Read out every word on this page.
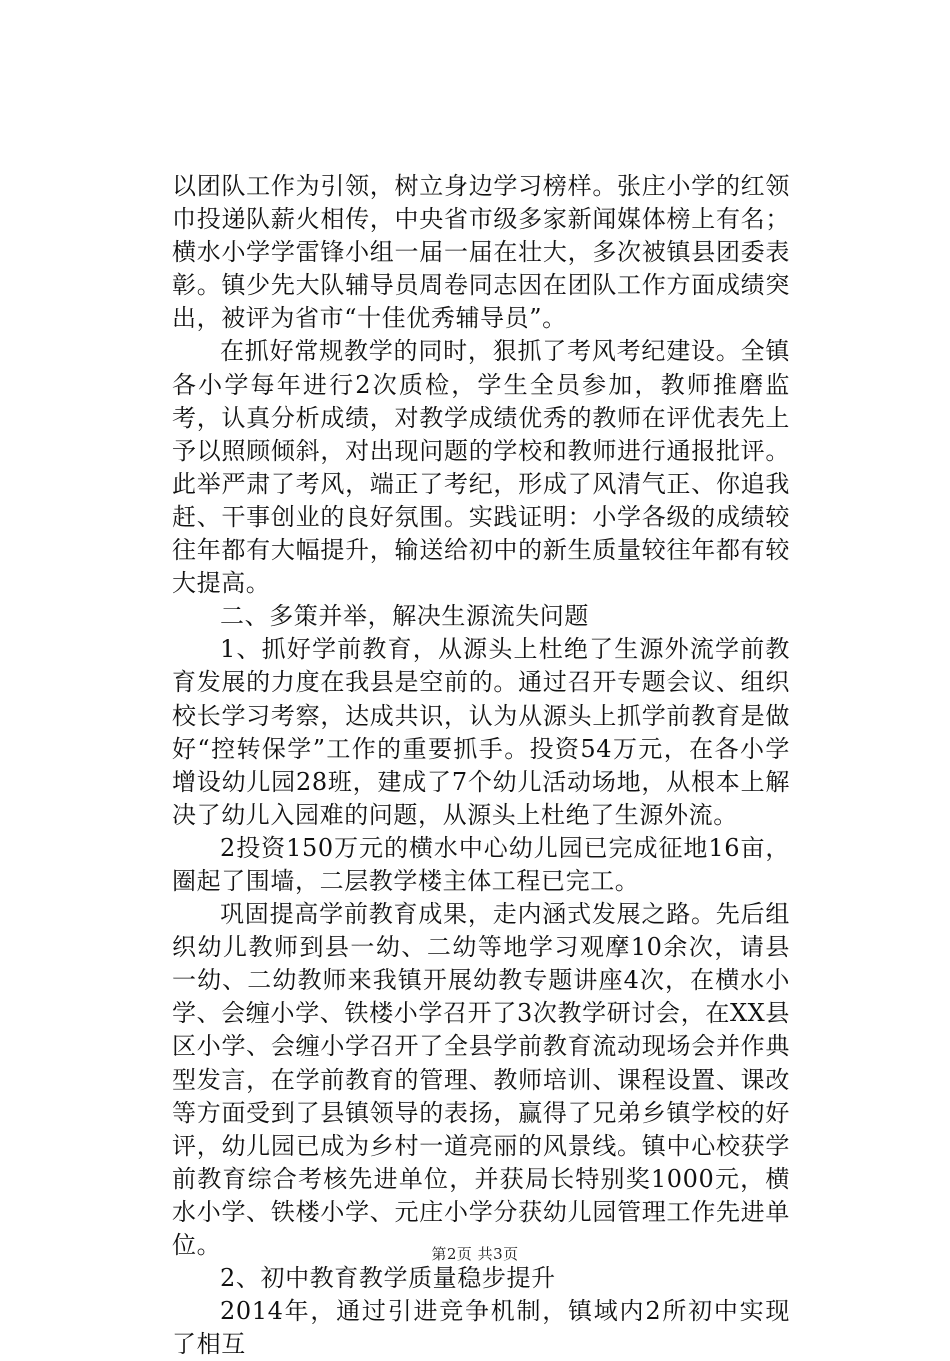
以团队工作为引领，树立身边学习榜样。张庄小学的红领巾投递队薪火相传，中央省市级多家新闻媒体榜上有名；横水小学学雷锋小组一届一届在壮大，多次被镇县团委表彰。镇少先大队辅导员周卷同志因在团队工作方面成绩突出，被评为省市“十佳优秀辅导员”。

在抓好常规教学的同时，狠抓了考风考纪建设。全镇各小学每年进行2次质检，学生全员参加，教师推磨监考，认真分析成绩，对教学成绩优秀的教师在评优表先上予以照顾倾斜，对出现问题的学校和教师进行通报批评。此举严肃了考风，端正了考纪，形成了风清气正、你追我赶、干事创业的良好氛围。实践证明：小学各级的成绩较往年都有大幅提升，输送给初中的新生质量较往年都有较大提高。

二、多策并举，解决生源流失问题

1、抓好学前教育，从源头上杜绝了生源外流学前教育发展的力度在我县是空前的。通过召开专题会议、组织校长学习考察，达成共识，认为从源头上抓学前教育是做好“控转保学”工作的重要抓手。投资54万元，在各小学增设幼儿园28班，建成了7个幼儿活动场地，从根本上解决了幼儿入园难的问题，从源头上杜绝了生源外流。

2投资150万元的横水中心幼儿园已完成征地16亩，圈起了围墙，二层教学楼主体工程已完工。

巩固提高学前教育成果，走内涵式发展之路。先后组织幼儿教师到县一幼、二幼等地学习观摩10余次，请县一幼、二幼教师来我镇开展幼教专题讲座4次，在横水小学、会缠小学、铁楼小学召开了3次教学研讨会，在XX县区小学、会缠小学召开了全县学前教育流动现场会并作典型发言，在学前教育的管理、教师培训、课程设置、课改等方面受到了县镇领导的表扬，赢得了兄弟乡镇学校的好评，幼儿园已成为乡村一道亮丽的风景线。镇中心校获学前教育综合考核先进单位，并获局长特别奖1000元，横水小学、铁楼小学、元庄小学分获幼儿园管理工作先进单位。

2、初中教育教学质量稳步提升

2014年，通过引进竞争机制，镇域内2所初中实现了相互

第2页 共3页
